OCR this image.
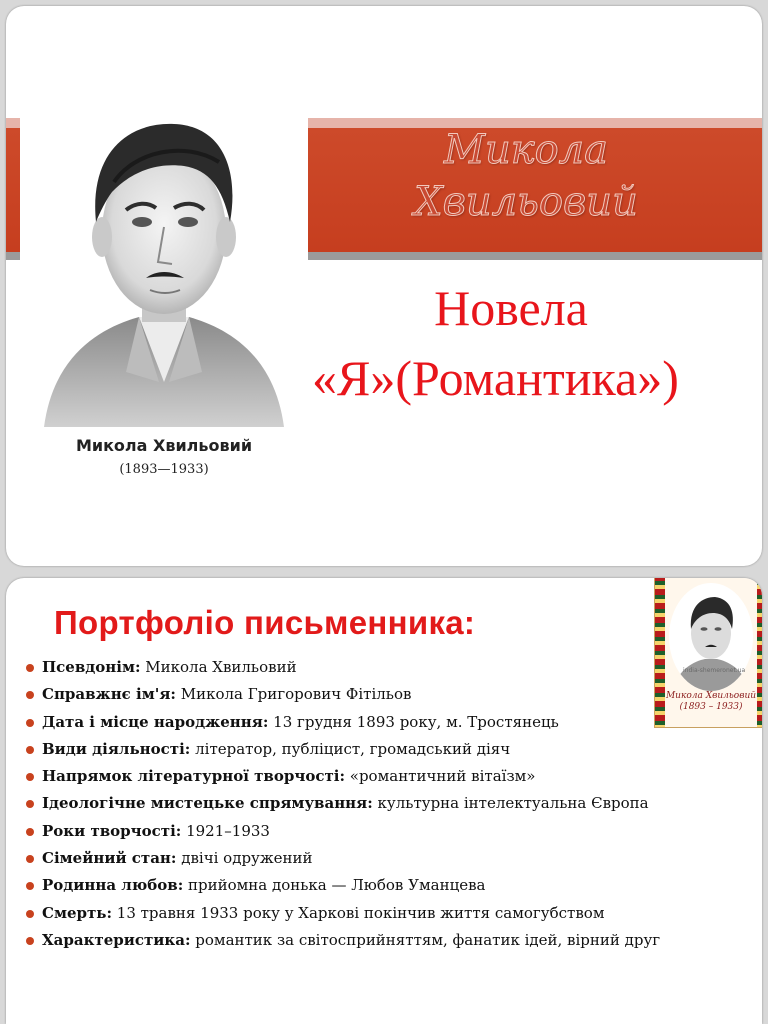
Микола
Хвильовий
Микола Хвильовий
(1893—1933)
Новела
«Я»(Романтика»)
Портфоліо письменника:
india-shemeronet.ua
Микола Хвильовий
(1893 – 1933)
Псевдонім: Микола Хвильовий
Справжнє ім'я: Микола Григорович Фітільов
Дата і місце народження: 13 грудня 1893 року, м. Тростянець
Види діяльності: літератор, публіцист, громадський діяч
Напрямок літературної творчості: «романтичний вітаїзм»
Ідеологічне мистецьке спрямування: культурна інтелектуальна Європа
Роки творчості: 1921–1933
Сімейний стан: двічі одружений
Родинна любов: прийомна донька — Любов Уманцева
Смерть: 13 травня 1933 року у Харкові покінчив життя самогубством
Характеристика: романтик за світосприйняттям, фанатик ідей, вірний друг
